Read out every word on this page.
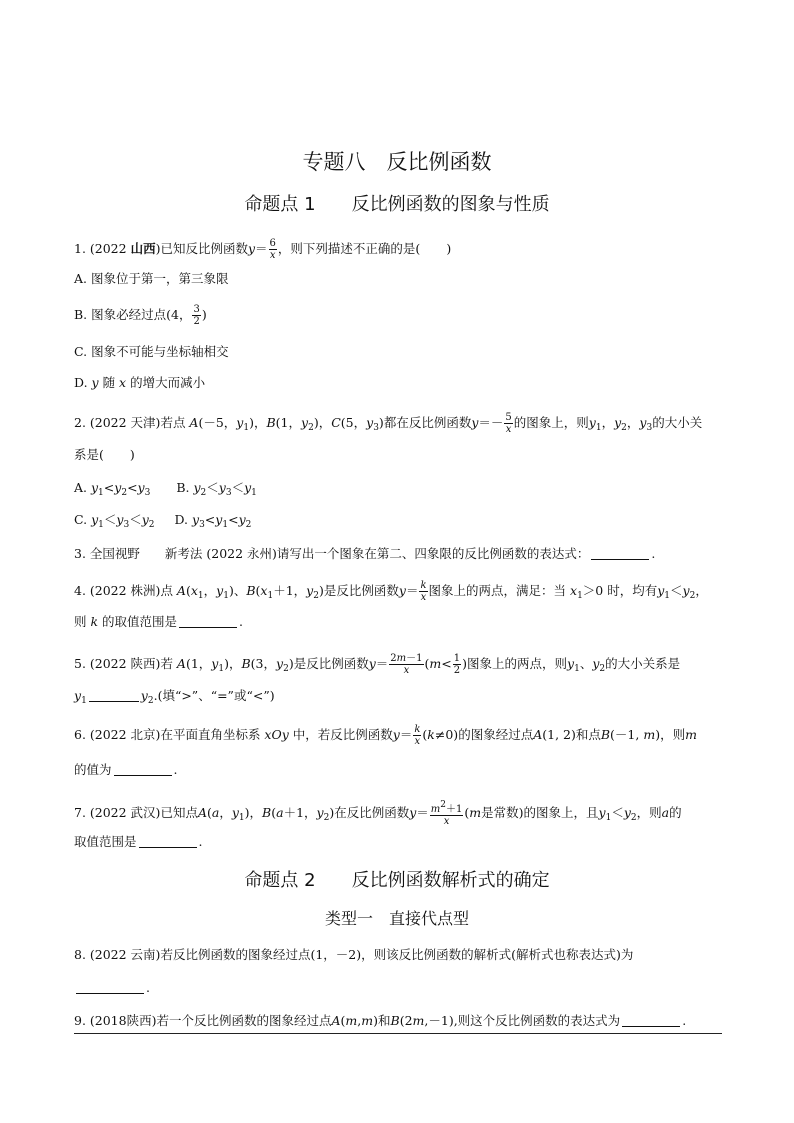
专题八　反比例函数
命题点 1　　反比例函数的图象与性质
1. (2022 山西)已知反比例函数$y= \frac{6}{x}$ ，则下列描述不正确的是( )
A. 图象位于第一，第三象限
B. 图象必经过点(4， $\frac{3}{2}$ )
C. 图象不可能与坐标轴相交
D. y 随 x 的增大而减小
2. (2022 天津)若点 A(－5，$y_1$)，B(1，$y_2$)，C(5，$y_3$)都在反比例函数$y=- \frac{5}{x}$ 的图象上，则$y_1$，$y_2$，$y_3$的大小关
系是( )
A. $y_1<y_2<y_3$ B. $y_2<y_3<y_1$
C. $y_1<y_3<y_2$ D. $y_3<y_1<y_2$
3. 全国视野　　新考法 (2022 永州)请写出一个图象在第二、四象限的反比例函数的表达式：	.
4. (2022 株洲)点 $A(x_1$，$y_1$)、$B(x_1+1$，$y_2$)是反比例函数$y= \frac{k}{x}$ 图象上的两点，满足：当 $x_1>0$ 时，均有$y_1<y_2$，
则 k 的取值范围是	.
5. (2022 陕西)若 A(1，$y_1$)，B(3，$y_2$)是反比例函数$y= \frac{2m-1}{x} (m< \frac{1}{2}$ )图象上的两点，则$y_1$、$y_2$的大小关系是
$y_1$	$y_2$.(填“>”、“=”或“<”)
6. (2022 北京)在平面直角坐标系 xOy 中，若反比例函数$y= \frac{k}{x} (k\ne 0)$的图象经过点A(1, 2)和点B(－1, m)，则m
的值为	.
7. (2022 武汉)已知点A(a，$y_1$)，B(a＋1，$y_2$)在反比例函数$y= \frac{m^2+1}{x} (m$是常数)的图象上，且$y_1<y_2$，则a的
取值范围是	.
命题点 2　　反比例函数解析式的确定
类型一　直接代点型
8. (2022 云南)若反比例函数的图象经过点(1，－2)，则该反比例函数的解析式(解析式也称表达式)为
.
9. (2018陕西)若一个反比例函数的图象经过点A(m,m)和B(2m,－1),则这个反比例函数的表达式为	.
